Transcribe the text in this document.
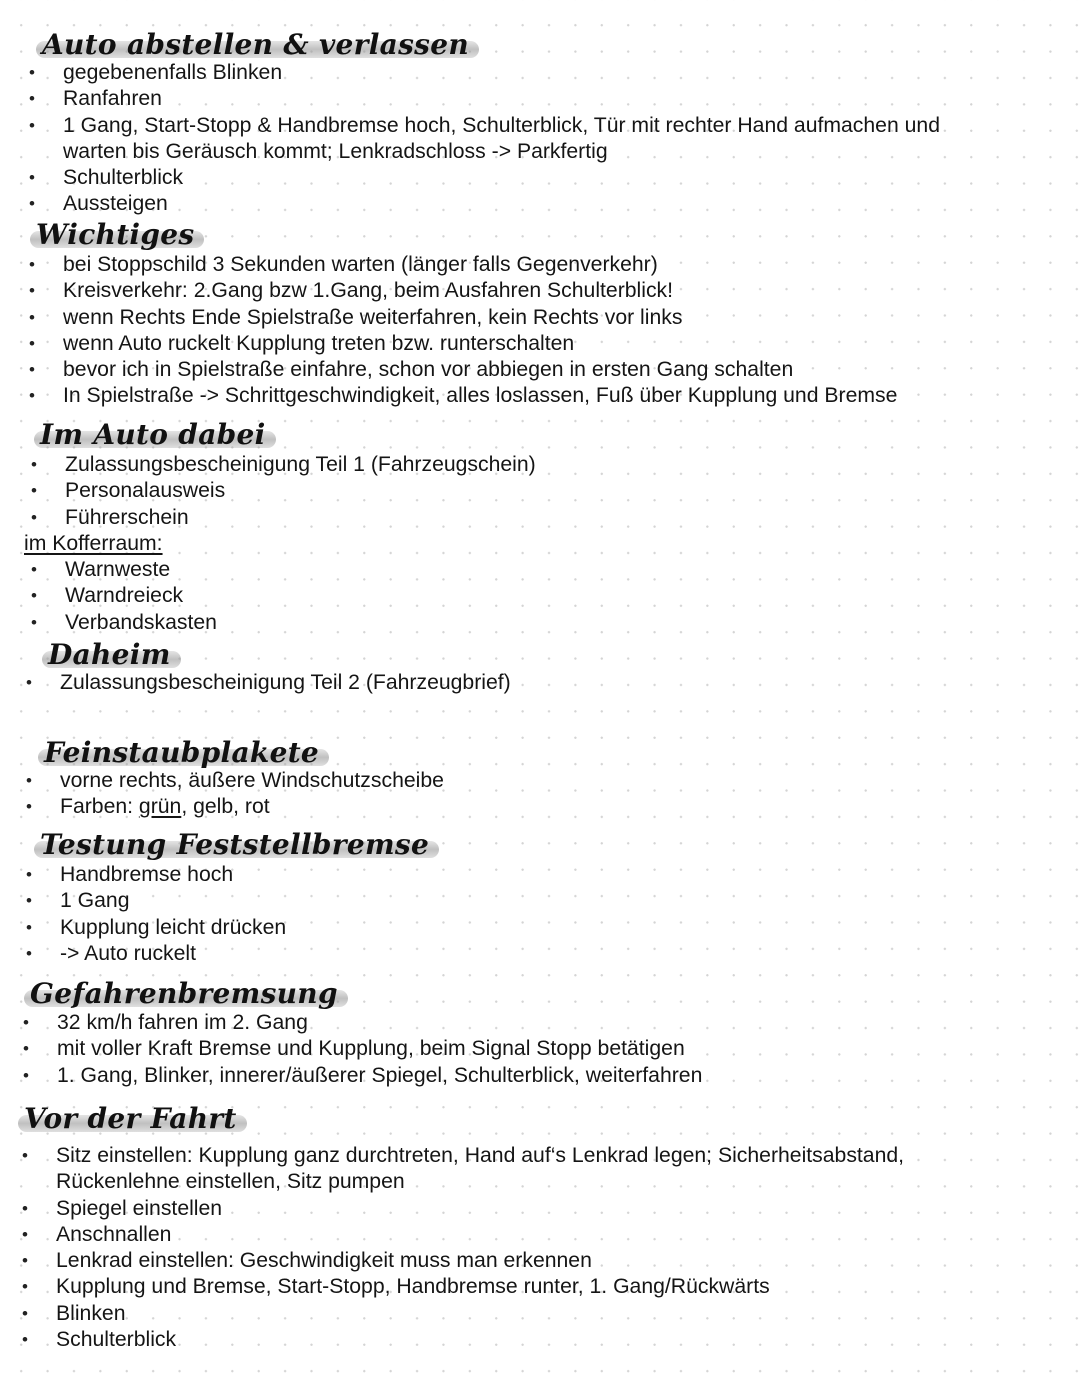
Auto abstellen & verlassen
• gegebenenfalls Blinken
• Ranfahren
• 1 Gang, Start-Stopp & Handbremse hoch, Schulterblick, Tür mit rechter Hand aufmachen und
warten bis Geräusch kommt; Lenkradschloss -> Parkfertig
• Schulterblick
• Aussteigen
Wichtiges
• bei Stoppschild 3 Sekunden warten (länger falls Gegenverkehr)
• Kreisverkehr: 2.Gang bzw 1.Gang, beim Ausfahren Schulterblick!
• wenn Rechts Ende Spielstraße weiterfahren, kein Rechts vor links
• wenn Auto ruckelt Kupplung treten bzw. runterschalten
• bevor ich in Spielstraße einfahre, schon vor abbiegen in ersten Gang schalten
• In Spielstraße -> Schrittgeschwindigkeit, alles loslassen, Fuß über Kupplung und Bremse
Im Auto dabei
• Zulassungsbescheinigung Teil 1 (Fahrzeugschein)
• Personalausweis
• Führerschein
im Kofferraum:
• Warnweste
• Warndreieck
• Verbandskasten
Daheim
• Zulassungsbescheinigung Teil 2 (Fahrzeugbrief)
Feinstaubplakete
• vorne rechts, äußere Windschutzscheibe
• Farben: grün, gelb, rot
Testung Feststellbremse
• Handbremse hoch
• 1 Gang
• Kupplung leicht drücken
• -> Auto ruckelt
Gefahrenbremsung
• 32 km/h fahren im 2. Gang
• mit voller Kraft Bremse und Kupplung, beim Signal Stopp betätigen
• 1. Gang, Blinker, innerer/äußerer Spiegel, Schulterblick, weiterfahren
Vor der Fahrt
• Sitz einstellen: Kupplung ganz durchtreten, Hand auf‘s Lenkrad legen; Sicherheitsabstand,
Rückenlehne einstellen, Sitz pumpen
• Spiegel einstellen
• Anschnallen
• Lenkrad einstellen: Geschwindigkeit muss man erkennen
• Kupplung und Bremse, Start-Stopp, Handbremse runter, 1. Gang/Rückwärts
• Blinken
• Schulterblick
